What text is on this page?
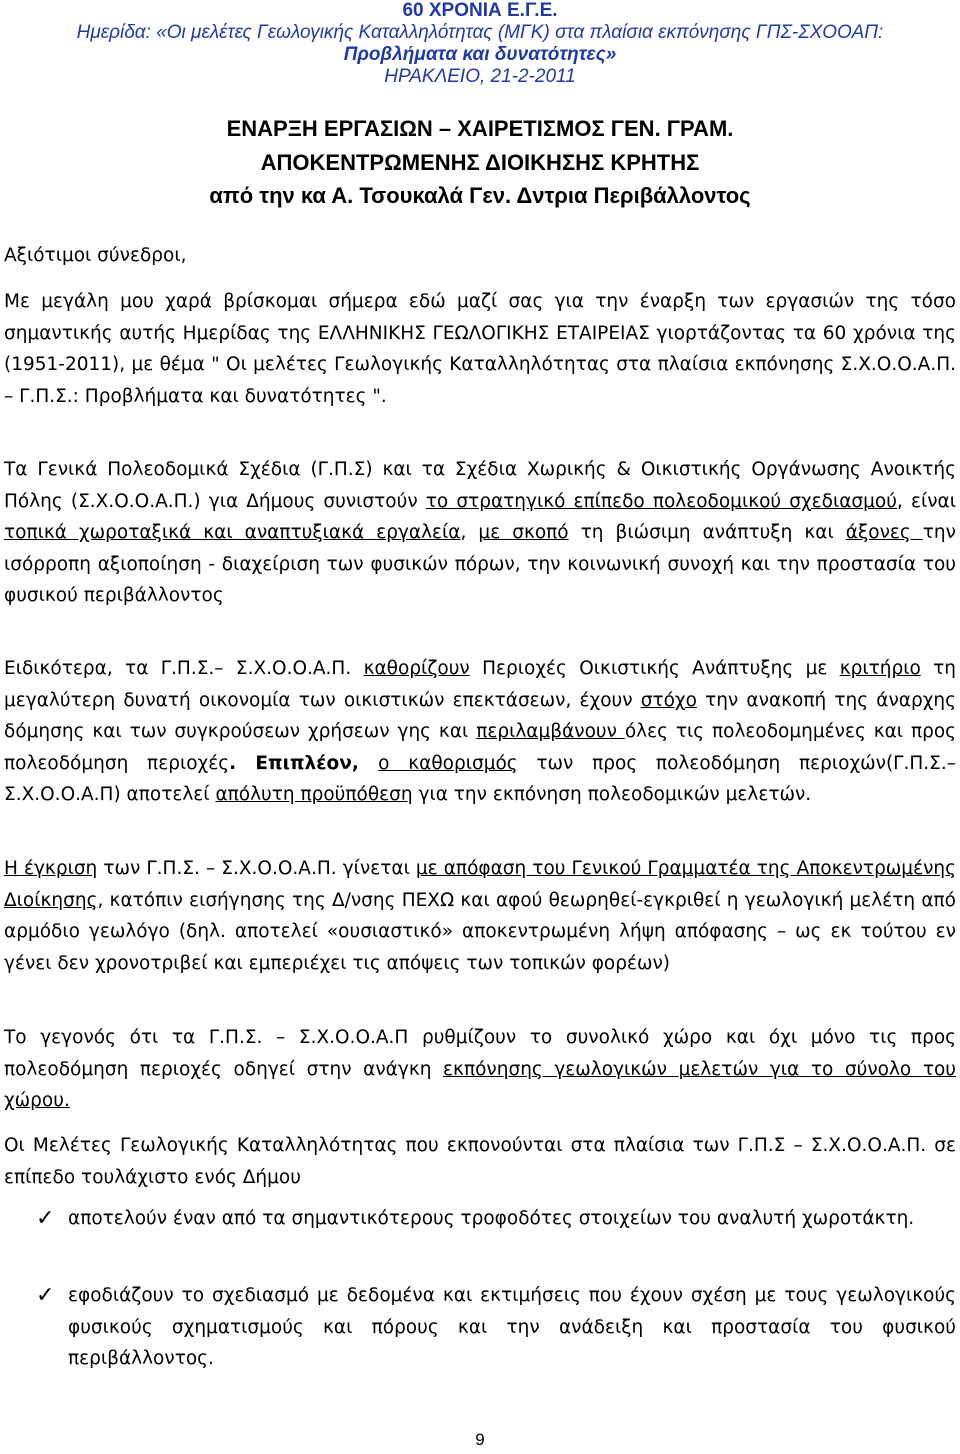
60 ΧΡΟΝΙΑ Ε.Γ.Ε.
Ημερίδα: «Οι μελέτες Γεωλογικής Καταλληλότητας (ΜΓΚ) στα πλαίσια εκπόνησης ΓΠΣ-ΣΧΟΟΑΠ:
Προβλήματα και δυνατότητες»
ΗΡΑΚΛΕΙΟ, 21-2-2011
ΕΝΑΡΞΗ ΕΡΓΑΣΙΩΝ – ΧΑΙΡΕΤΙΣΜΟΣ ΓΕΝ. ΓΡΑΜ.
ΑΠΟΚΕΝΤΡΩΜΕΝΗΣ ΔΙΟΙΚΗΣΗΣ ΚΡΗΤΗΣ
από την κα Α. Τσουκαλά Γεν. Δντρια Περιβάλλοντος
Αξιότιμοι σύνεδροι,
Με μεγάλη μου χαρά βρίσκομαι σήμερα εδώ μαζί σας για την έναρξη των εργασιών της τόσο σημαντικής αυτής Ημερίδας της ΕΛΛΗΝΙΚΗΣ ΓΕΩΛΟΓΙΚΗΣ ΕΤΑΙΡΕΙΑΣ γιορτάζοντας τα 60 χρόνια της (1951-2011), με θέμα " Οι μελέτες Γεωλογικής Καταλληλότητας στα πλαίσια εκπόνησης Σ.Χ.Ο.Ο.Α.Π. – Γ.Π.Σ.: Προβλήματα και δυνατότητες ".
Τα Γενικά Πολεοδομικά Σχέδια (Γ.Π.Σ) και τα Σχέδια Χωρικής & Οικιστικής Οργάνωσης Ανοικτής Πόλης (Σ.Χ.Ο.Ο.Α.Π.) για Δήμους συνιστούν το στρατηγικό επίπεδο πολεοδομικού σχεδιασμού, είναι τοπικά χωροταξικά και αναπτυξιακά εργαλεία, με σκοπό τη βιώσιμη ανάπτυξη και άξονες την ισόρροπη αξιοποίηση - διαχείριση των φυσικών πόρων, την κοινωνική συνοχή και την προστασία του φυσικού περιβάλλοντος
Ειδικότερα, τα Γ.Π.Σ.– Σ.Χ.Ο.Ο.Α.Π. καθορίζουν Περιοχές Οικιστικής Ανάπτυξης με κριτήριο τη μεγαλύτερη δυνατή οικονομία των οικιστικών επεκτάσεων, έχουν στόχο την ανακοπή της άναρχης δόμησης και των συγκρούσεων χρήσεων γης και περιλαμβάνουν όλες τις πολεοδομημένες και προς πολεοδόμηση περιοχές. Επιπλέον, ο καθορισμός των προς πολεοδόμηση περιοχών(Γ.Π.Σ.–Σ.Χ.Ο.Ο.Α.Π) αποτελεί απόλυτη προϋπόθεση για την εκπόνηση πολεοδομικών μελετών.
Η έγκριση των Γ.Π.Σ. – Σ.Χ.Ο.Ο.Α.Π. γίνεται με απόφαση του Γενικού Γραμματέα της Αποκεντρωμένης Διοίκησης, κατόπιν εισήγησης της Δ/νσης ΠΕΧΩ και αφού θεωρηθεί-εγκριθεί η γεωλογική μελέτη από αρμόδιο γεωλόγο (δηλ. αποτελεί «ουσιαστικό» αποκεντρωμένη λήψη απόφασης – ως εκ τούτου εν γένει δεν χρονοτριβεί και εμπεριέχει τις απόψεις των τοπικών φορέων)
Το γεγονός ότι τα Γ.Π.Σ. – Σ.Χ.Ο.Ο.Α.Π ρυθμίζουν το συνολικό χώρο και όχι μόνο τις προς πολεοδόμηση περιοχές οδηγεί στην ανάγκη εκπόνησης γεωλογικών μελετών για το σύνολο του χώρου.
Οι Μελέτες Γεωλογικής Καταλληλότητας που εκπονούνται στα πλαίσια των Γ.Π.Σ – Σ.Χ.Ο.Ο.Α.Π. σε επίπεδο τουλάχιστο ενός Δήμου
✓ αποτελούν έναν από τα σημαντικότερους τροφοδότες στοιχείων του αναλυτή χωροτάκτη.
✓ εφοδιάζουν το σχεδιασμό με δεδομένα και εκτιμήσεις που έχουν σχέση με τους γεωλογικούς φυσικούς σχηματισμούς και πόρους και την ανάδειξη και προστασία του φυσικού περιβάλλοντος.
9
